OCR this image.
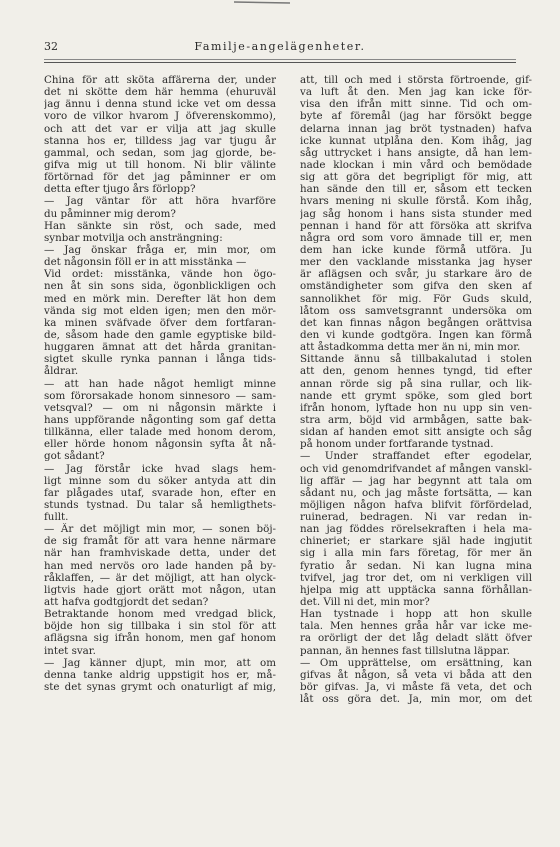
32	Familje-angelägenheter.
China för att sköta affärerna der, under
det ni skötte dem här hemma (ehuruväl
jag ännu i denna stund icke vet om dessa
voro de vilkor hvarom J öfverenskommo),
och att det var er vilja att jag skulle
stanna hos er, tilldess jag var tjugu år
gammal, och sedan, som jag gjorde, be-
gifva mig ut till honom. Ni blir välinte
förtörnad för det jag påminner er om
detta efter tjugo års förlopp?
— Jag väntar för att höra hvarföre
du påminner mig derom?
Han sänkte sin röst, och sade, med
synbar motvilja och ansträngning:
— Jag önskar fråga er, min mor, om
det någonsin föll er in att misstänka —
Vid ordet: misstänka, vände hon ögo-
nen åt sin sons sida, ögonblickligen och
med en mörk min. Derefter lät hon dem
vända sig mot elden igen; men den mör-
ka minen sväfvade öfver dem fortfaran-
de, såsom hade den gamle egyptiske bild-
huggaren ämnat att det hårda granitan-
sigtet skulle rynka pannan i långa tids-
åldrar.
— att han hade något hemligt minne
som förorsakade honom sinnesoro — sam-
vetsqval? — om ni någonsin märkte i
hans uppförande någonting som gaf detta
tillkänna, eller talade med honom derom,
eller hörde honom någonsin syfta åt nå-
got sådant?
— Jag förstår icke hvad slags hem-
ligt minne som du söker antyda att din
far plågades utaf, svarade hon, efter en
stunds tystnad. Du talar så hemligthets-
fullt.
— Är det möjligt min mor, — sonen böj-
de sig framåt för att vara henne närmare
när han framhviskade detta, under det
han med nervös oro lade handen på by-
råklaffen, — är det möjligt, att han olyck-
ligtvis hade gjort orätt mot någon, utan
att hafva godtgjordt det sedan?
Betraktande honom med vredgad blick,
böjde hon sig tillbaka i sin stol för att
aflägsna sig ifrån honom, men gaf honom
intet svar.
— Jag känner djupt, min mor, att om
denna tanke aldrig uppstigit hos er, må-
ste det synas grymt och onaturligt af mig,
att, till och med i största förtroende, gif-
va luft åt den. Men jag kan icke för-
visa den ifrån mitt sinne. Tid och om-
byte af föremål (jag har försökt begge
delarna innan jag bröt tystnaden) hafva
icke kunnat utplåna den. Kom ihåg, jag
såg uttrycket i hans ansigte, då han lem-
nade klockan i min vård och bemödade
sig att göra det begripligt för mig, att
han sände den till er, såsom ett tecken
hvars mening ni skulle förstå. Kom ihåg,
jag såg honom i hans sista stunder med
pennan i hand för att försöka att skrifva
några ord som voro ämnade till er, men
dem han icke kunde förmå utföra. Ju
mer den vacklande misstanka jag hyser
är aflägsen och svår, ju starkare äro de
omständigheter som gifva den sken af
sannolikhet för mig. För Guds skuld,
låtom oss samvetsgrannt undersöka om
det kan finnas någon begången orättvisa
den vi kunde godtgöra. Ingen kan förmå
att åstadkomma detta mer än ni, min mor.
Sittande ännu så tillbakalutad i stolen
att den, genom hennes tyngd, tid efter
annan rörde sig på sina rullar, och lik-
nande ett grymt spöke, som gled bort
ifrån honom, lyftade hon nu upp sin ven-
stra arm, böjd vid armbågen, satte bak-
sidan af handen emot sitt ansigte och såg
på honom under fortfarande tystnad.
— Under straffandet efter egodelar,
och vid genomdrifvandet af mången vanskl-
lig affär — jag har begynnt att tala om
sådant nu, och jag måste fortsätta, — kan
möjligen någon hafva blifvit förfördelad,
ruinerad, bedragen. Ni var redan in-
nan jag föddes rörelsekraften i hela ma-
chineriet; er starkare själ hade ingjutit
sig i alla min fars företag, för mer än
fyratio år sedan. Ni kan lugna mina
tvifvel, jag tror det, om ni verkligen vill
hjelpa mig att upptäcka sanna förhållan-
det. Vill ni det, min mor?
Han tystnade i hopp att hon skulle
tala. Men hennes gråa hår var icke me-
ra orörligt der det låg deladt slätt öfver
pannan, än hennes fast tillslutna läppar.
— Om upprättelse, om ersättning, kan
gifvas åt någon, så veta vi båda att den
bör gifvas. Ja, vi måste fä veta, det och
låt oss göra det. Ja, min mor, om det
